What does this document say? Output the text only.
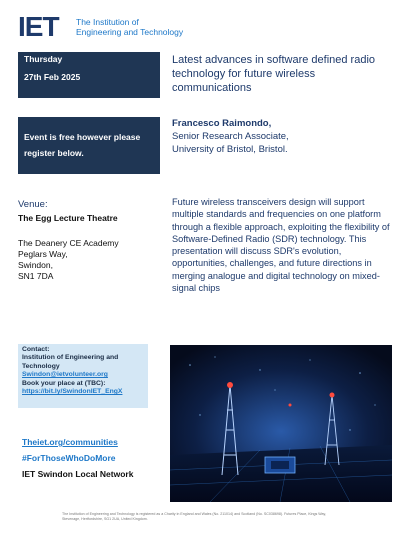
IET The Institution of
Engineering and Technology
Thursday
27th Feb 2025
Latest advances in software defined radio technology for future wireless communications
Event is free however please register below.
Francesco Raimondo,
Senior Research Associate,
University of Bristol, Bristol.
Venue:
The Egg Lecture Theatre
The Deanery CE Academy
Peglars Way,
Swindon,
SN1 7DA
Future wireless transceivers design will support multiple standards and frequencies on one platform through a flexible approach, exploiting the flexibility of Software-Defined Radio (SDR) technology. This presentation will discuss SDR's evolution, opportunities, challenges, and future directions in merging analogue and digital technology on mixed-signal chips
Contact:
Institution of Engineering and Technology
Swindon@ietvolunteer.org
Book your place at (TBC):
https://bit.ly/SwindonIET_EngX
Theiet.org/communities
#ForThoseWhoDoMore
IET Swindon Local Network
The Institution of Engineering and Technology is registered as a Charity in England and Wales (No. 211014) and Scotland (No. SC038698). Futures Place, Kings Way, Stevenage, Hertfordshire, SG1 2UA, United Kingdom.
